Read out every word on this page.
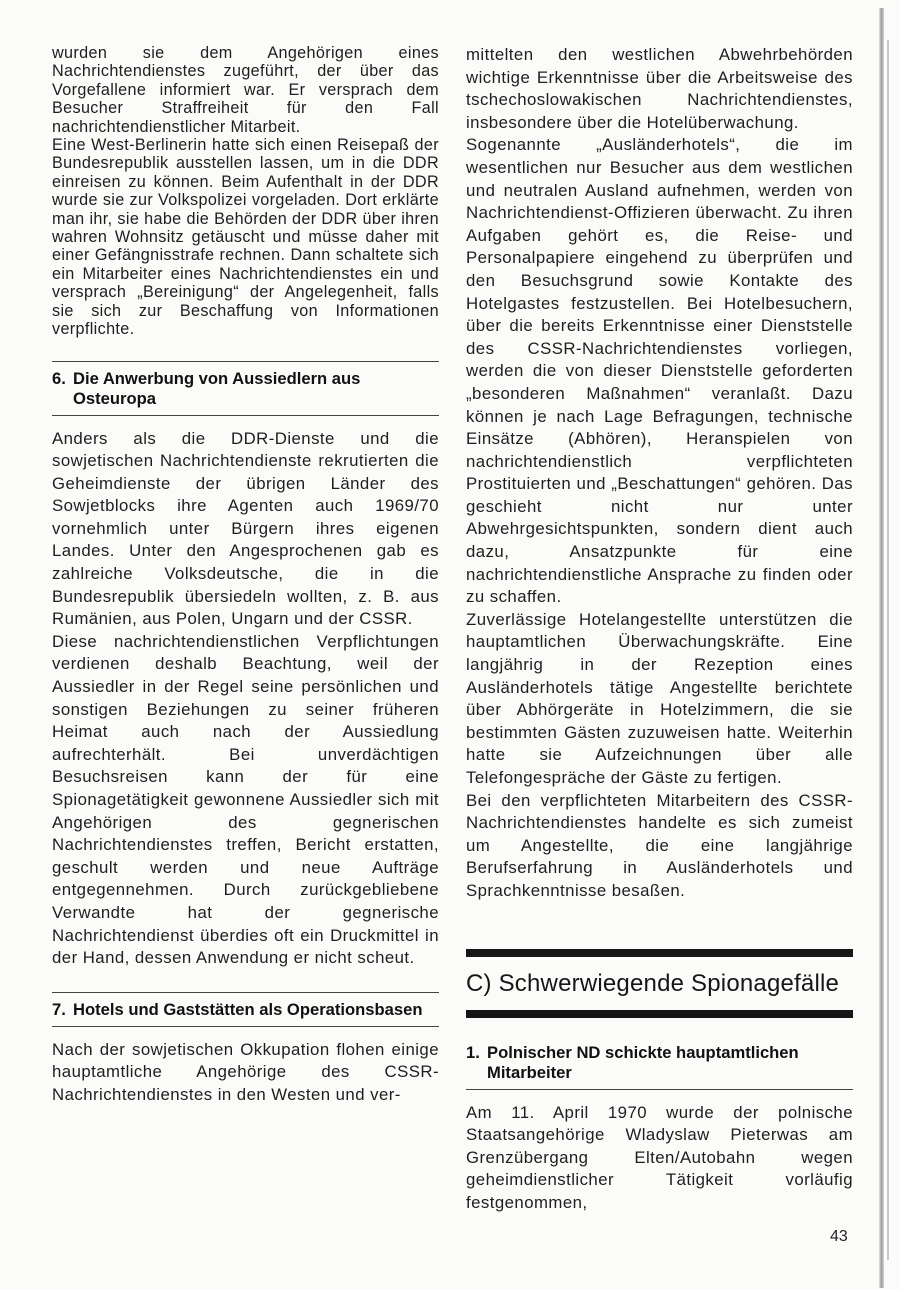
wurden sie dem Angehörigen eines Nachrichtendienstes zugeführt, der über das Vorgefallene informiert war. Er versprach dem Besucher Straffreiheit für den Fall nachrichtendienstlicher Mitarbeit.

Eine West-Berlinerin hatte sich einen Reisepaß der Bundesrepublik ausstellen lassen, um in die DDR einreisen zu können. Beim Aufenthalt in der DDR wurde sie zur Volkspolizei vorgeladen. Dort erklärte man ihr, sie habe die Behörden der DDR über ihren wahren Wohnsitz getäuscht und müsse daher mit einer Gefängnisstrafe rechnen. Dann schaltete sich ein Mitarbeiter eines Nachrichtendienstes ein und versprach „Bereinigung“ der Angelegenheit, falls sie sich zur Beschaffung von Informationen verpflichte.

6. Die Anwerbung von Aussiedlern aus Osteuropa

Anders als die DDR-Dienste und die sowjetischen Nachrichtendienste rekrutierten die Geheimdienste der übrigen Länder des Sowjetblocks ihre Agenten auch 1969/70 vornehmlich unter Bürgern ihres eigenen Landes. Unter den Angesprochenen gab es zahlreiche Volksdeutsche, die in die Bundesrepublik übersiedeln wollten, z. B. aus Rumänien, aus Polen, Ungarn und der CSSR.

Diese nachrichtendienstlichen Verpflichtungen verdienen deshalb Beachtung, weil der Aussiedler in der Regel seine persönlichen und sonstigen Beziehungen zu seiner früheren Heimat auch nach der Aussiedlung aufrechterhält. Bei unverdächtigen Besuchsreisen kann der für eine Spionagetätigkeit gewonnene Aussiedler sich mit Angehörigen des gegnerischen Nachrichtendienstes treffen, Bericht erstatten, geschult werden und neue Aufträge entgegennehmen. Durch zurückgebliebene Verwandte hat der gegnerische Nachrichtendienst überdies oft ein Druckmittel in der Hand, dessen Anwendung er nicht scheut.

7. Hotels und Gaststätten als Operationsbasen

Nach der sowjetischen Okkupation flohen einige hauptamtliche Angehörige des CSSR-Nachrichtendienstes in den Westen und ver-

mittelten den westlichen Abwehrbehörden wichtige Erkenntnisse über die Arbeitsweise des tschechoslowakischen Nachrichtendienstes, insbesondere über die Hotelüberwachung.

Sogenannte „Ausländerhotels“, die im wesentlichen nur Besucher aus dem westlichen und neutralen Ausland aufnehmen, werden von Nachrichtendienst-Offizieren überwacht. Zu ihren Aufgaben gehört es, die Reise- und Personalpapiere eingehend zu überprüfen und den Besuchsgrund sowie Kontakte des Hotelgastes festzustellen. Bei Hotelbesuchern, über die bereits Erkenntnisse einer Dienststelle des CSSR-Nachrichtendienstes vorliegen, werden die von dieser Dienststelle geforderten „besonderen Maßnahmen“ veranlaßt. Dazu können je nach Lage Befragungen, technische Einsätze (Abhören), Heranspielen von nachrichtendienstlich verpflichteten Prostituierten und „Beschattungen“ gehören. Das geschieht nicht nur unter Abwehrgesichtspunkten, sondern dient auch dazu, Ansatzpunkte für eine nachrichtendienstliche Ansprache zu finden oder zu schaffen.

Zuverlässige Hotelangestellte unterstützen die hauptamtlichen Überwachungskräfte. Eine langjährig in der Rezeption eines Ausländerhotels tätige Angestellte berichtete über Abhörgeräte in Hotelzimmern, die sie bestimmten Gästen zuzuweisen hatte. Weiterhin hatte sie Aufzeichnungen über alle Telefongespräche der Gäste zu fertigen.

Bei den verpflichteten Mitarbeitern des CSSR-Nachrichtendienstes handelte es sich zumeist um Angestellte, die eine langjährige Berufserfahrung in Ausländerhotels und Sprachkenntnisse besaßen.

C) Schwerwiegende Spionagefälle
1. Polnischer ND schickte hauptamtlichen Mitarbeiter

Am 11. April 1970 wurde der polnische Staatsangehörige Wladyslaw Pieterwas am Grenzübergang Elten/Autobahn wegen geheimdienstlicher Tätigkeit vorläufig festgenommen,

43
